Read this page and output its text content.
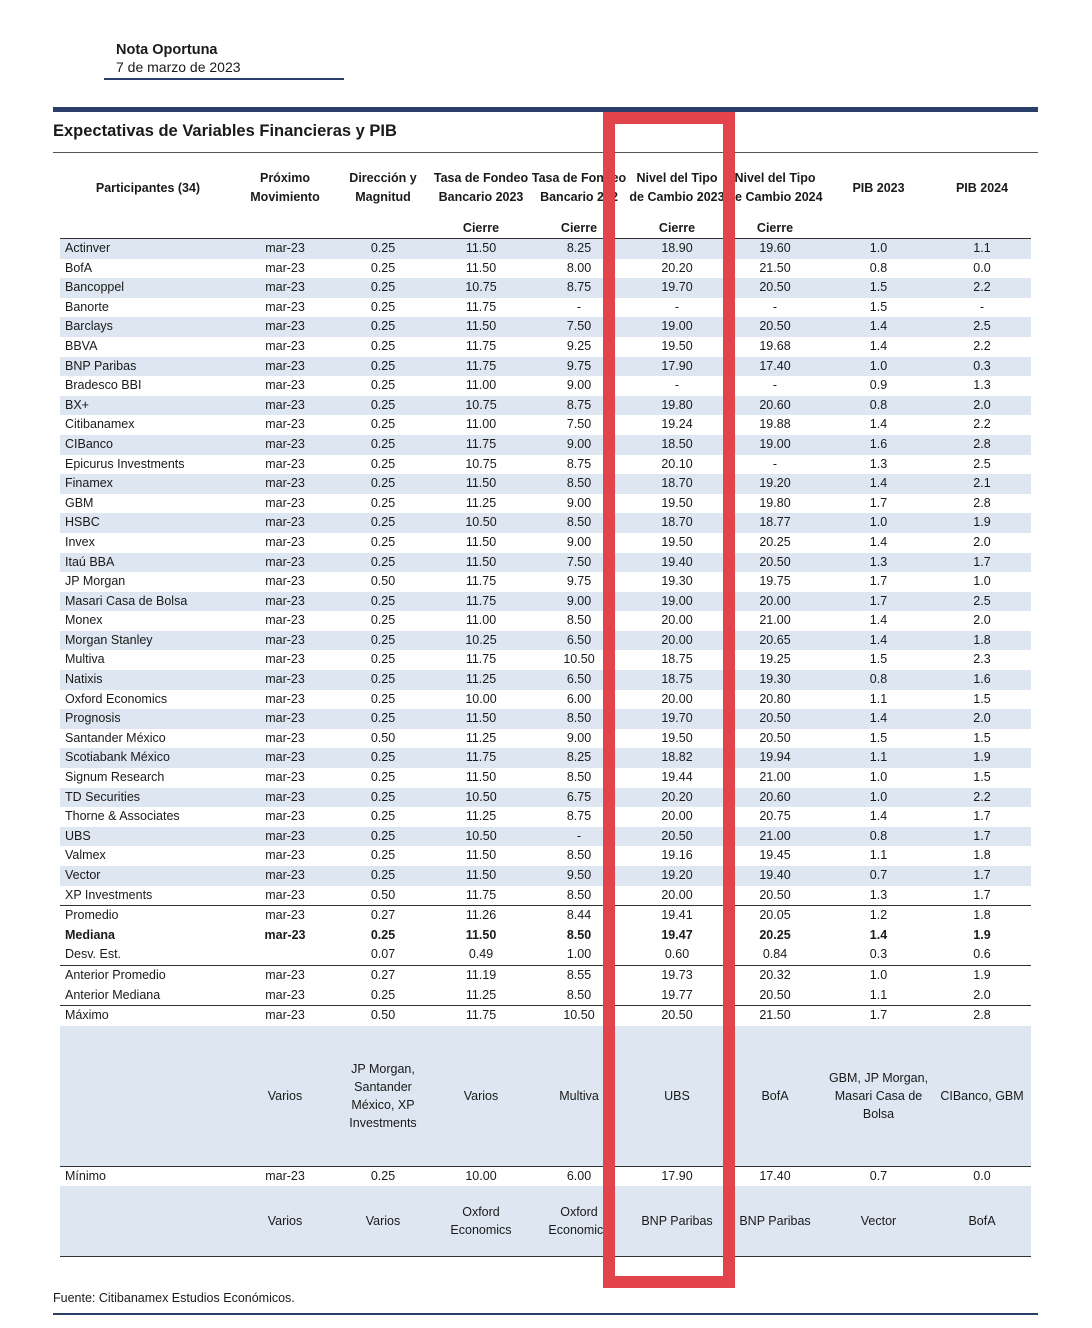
Nota Oportuna
7 de marzo de 2023
Expectativas de Variables Financieras y PIB
Participantes (34)	Próximo Movimiento	Dirección y Magnitud	Tasa de Fondeo Bancario 2023	Tasa de Fondeo Bancario 202	Nivel del Tipo de Cambio 2023	Nivel del Tipo de Cambio 2024	PIB 2023	PIB 2024
			Cierre	Cierre	Cierre	Cierre		
Actinver	mar-23	0.25	11.50	8.25	18.90	19.60	1.0	1.1
BofA	mar-23	0.25	11.50	8.00	20.20	21.50	0.8	0.0
Bancoppel	mar-23	0.25	10.75	8.75	19.70	20.50	1.5	2.2
Banorte	mar-23	0.25	11.75	-	-	-	1.5	-
Barclays	mar-23	0.25	11.50	7.50	19.00	20.50	1.4	2.5
BBVA	mar-23	0.25	11.75	9.25	19.50	19.68	1.4	2.2
BNP Paribas	mar-23	0.25	11.75	9.75	17.90	17.40	1.0	0.3
Bradesco BBI	mar-23	0.25	11.00	9.00	-	-	0.9	1.3
BX+	mar-23	0.25	10.75	8.75	19.80	20.60	0.8	2.0
Citibanamex	mar-23	0.25	11.00	7.50	19.24	19.88	1.4	2.2
CIBanco	mar-23	0.25	11.75	9.00	18.50	19.00	1.6	2.8
Epicurus Investments	mar-23	0.25	10.75	8.75	20.10	-	1.3	2.5
Finamex	mar-23	0.25	11.50	8.50	18.70	19.20	1.4	2.1
GBM	mar-23	0.25	11.25	9.00	19.50	19.80	1.7	2.8
HSBC	mar-23	0.25	10.50	8.50	18.70	18.77	1.0	1.9
Invex	mar-23	0.25	11.50	9.00	19.50	20.25	1.4	2.0
Itaú BBA	mar-23	0.25	11.50	7.50	19.40	20.50	1.3	1.7
JP Morgan	mar-23	0.50	11.75	9.75	19.30	19.75	1.7	1.0
Masari Casa de Bolsa	mar-23	0.25	11.75	9.00	19.00	20.00	1.7	2.5
Monex	mar-23	0.25	11.00	8.50	20.00	21.00	1.4	2.0
Morgan Stanley	mar-23	0.25	10.25	6.50	20.00	20.65	1.4	1.8
Multiva	mar-23	0.25	11.75	10.50	18.75	19.25	1.5	2.3
Natixis	mar-23	0.25	11.25	6.50	18.75	19.30	0.8	1.6
Oxford Economics	mar-23	0.25	10.00	6.00	20.00	20.80	1.1	1.5
Prognosis	mar-23	0.25	11.50	8.50	19.70	20.50	1.4	2.0
Santander México	mar-23	0.50	11.25	9.00	19.50	20.50	1.5	1.5
Scotiabank México	mar-23	0.25	11.75	8.25	18.82	19.94	1.1	1.9
Signum Research	mar-23	0.25	11.50	8.50	19.44	21.00	1.0	1.5
TD Securities	mar-23	0.25	10.50	6.75	20.20	20.60	1.0	2.2
Thorne & Associates	mar-23	0.25	11.25	8.75	20.00	20.75	1.4	1.7
UBS	mar-23	0.25	10.50	-	20.50	21.00	0.8	1.7
Valmex	mar-23	0.25	11.50	8.50	19.16	19.45	1.1	1.8
Vector	mar-23	0.25	11.50	9.50	19.20	19.40	0.7	1.7
XP Investments	mar-23	0.50	11.75	8.50	20.00	20.50	1.3	1.7
Promedio	mar-23	0.27	11.26	8.44	19.41	20.05	1.2	1.8
Mediana	mar-23	0.25	11.50	8.50	19.47	20.25	1.4	1.9
Desv. Est.		0.07	0.49	1.00	0.60	0.84	0.3	0.6
Anterior Promedio	mar-23	0.27	11.19	8.55	19.73	20.32	1.0	1.9
Anterior Mediana	mar-23	0.25	11.25	8.50	19.77	20.50	1.1	2.0
Máximo	mar-23	0.50	11.75	10.50	20.50	21.50	1.7	2.8
	Varios	JP Morgan, Santander México, XP Investments	Varios	Multiva	UBS	BofA	GBM, JP Morgan, Masari Casa de Bolsa	CIBanco, GBM
Mínimo	mar-23	0.25	10.00	6.00	17.90	17.40	0.7	0.0
	Varios	Varios	Oxford Economics	Oxford Economics	BNP Paribas	BNP Paribas	Vector	BofA
Fuente: Citibanamex Estudios Económicos.
